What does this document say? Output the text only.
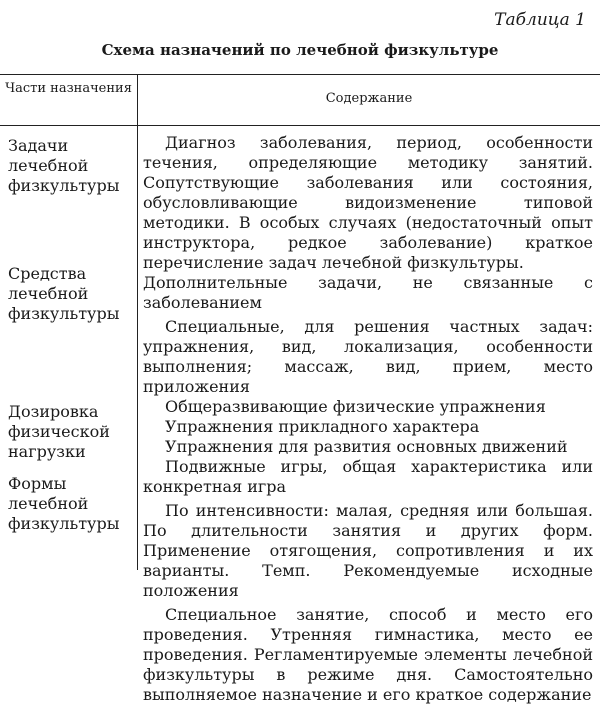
Таблица 1
Схема назначений по лечебной физкультуре
Части назначения
Содержание
Задачи лечебной физкультуры
Средства лечебной физкультуры
Дозировка физической нагрузки
Формы лечебной физкультуры

Диагноз заболевания, период, особенности течения, определяющие методику занятий. Сопутствующие заболевания или состояния, обусловливающие видоизменение типовой методики. В особых случаях (недостаточный опыт инструктора, редкое заболевание) краткое перечисление задач лечебной физкультуры.

Дополнительные задачи, не связанные с заболеванием

Специальные, для решения частных задач: упражнения, вид, локализация, особенности выполнения; массаж, вид, прием, место приложения

Общеразвивающие физические упражнения

Упражнения прикладного характера

Упражнения для развития основных движений

Подвижные игры, общая характеристика или конкретная игра

По интенсивности: малая, средняя или большая. По длительности занятия и других форм. Применение отягощения, сопротивления и их варианты. Темп. Рекомендуемые исходные положения

Специальное занятие, способ и место его проведения. Утренняя гимнастика, место ее проведения. Регламентируемые элементы лечебной физкультуры в режиме дня. Самостоятельно выполняемое назначение и его краткое содержание
